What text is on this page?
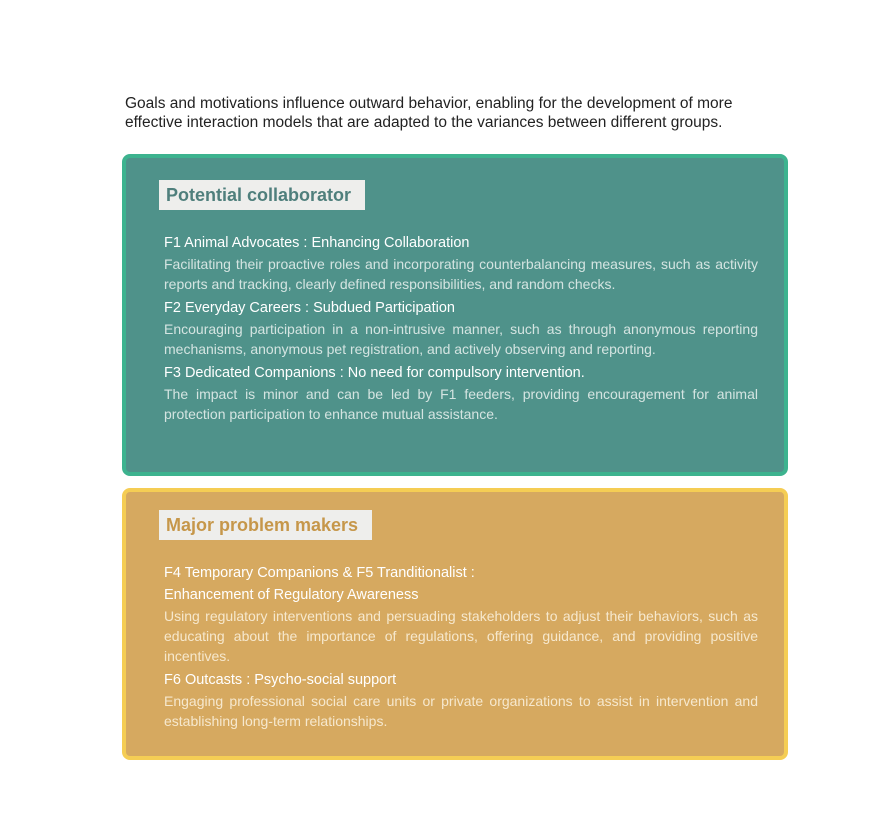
Goals and motivations influence outward behavior, enabling for the development of more effective interaction models that are adapted to the variances between different groups.
Potential collaborator
F1 Animal Advocates : Enhancing Collaboration
Facilitating their proactive roles and incorporating counterbalancing measures, such as activity reports and tracking, clearly defined responsibilities, and random checks.
F2 Everyday Careers : Subdued Participation
Encouraging participation in a non-intrusive manner, such as through anonymous reporting mechanisms, anonymous pet registration, and actively observing and reporting.
F3 Dedicated Companions : No need for compulsory intervention.
The impact is minor and can be led by F1 feeders, providing encouragement for animal protection participation to enhance mutual assistance.
Major problem makers
F4 Temporary Companions & F5 Tranditionalist :
Enhancement of Regulatory Awareness
Using regulatory interventions and persuading stakeholders to adjust their behaviors, such as educating about the importance of regulations, offering guidance, and providing positive incentives.
F6 Outcasts : Psycho-social support
Engaging professional social care units or private organizations to assist in intervention and establishing long-term relationships.
